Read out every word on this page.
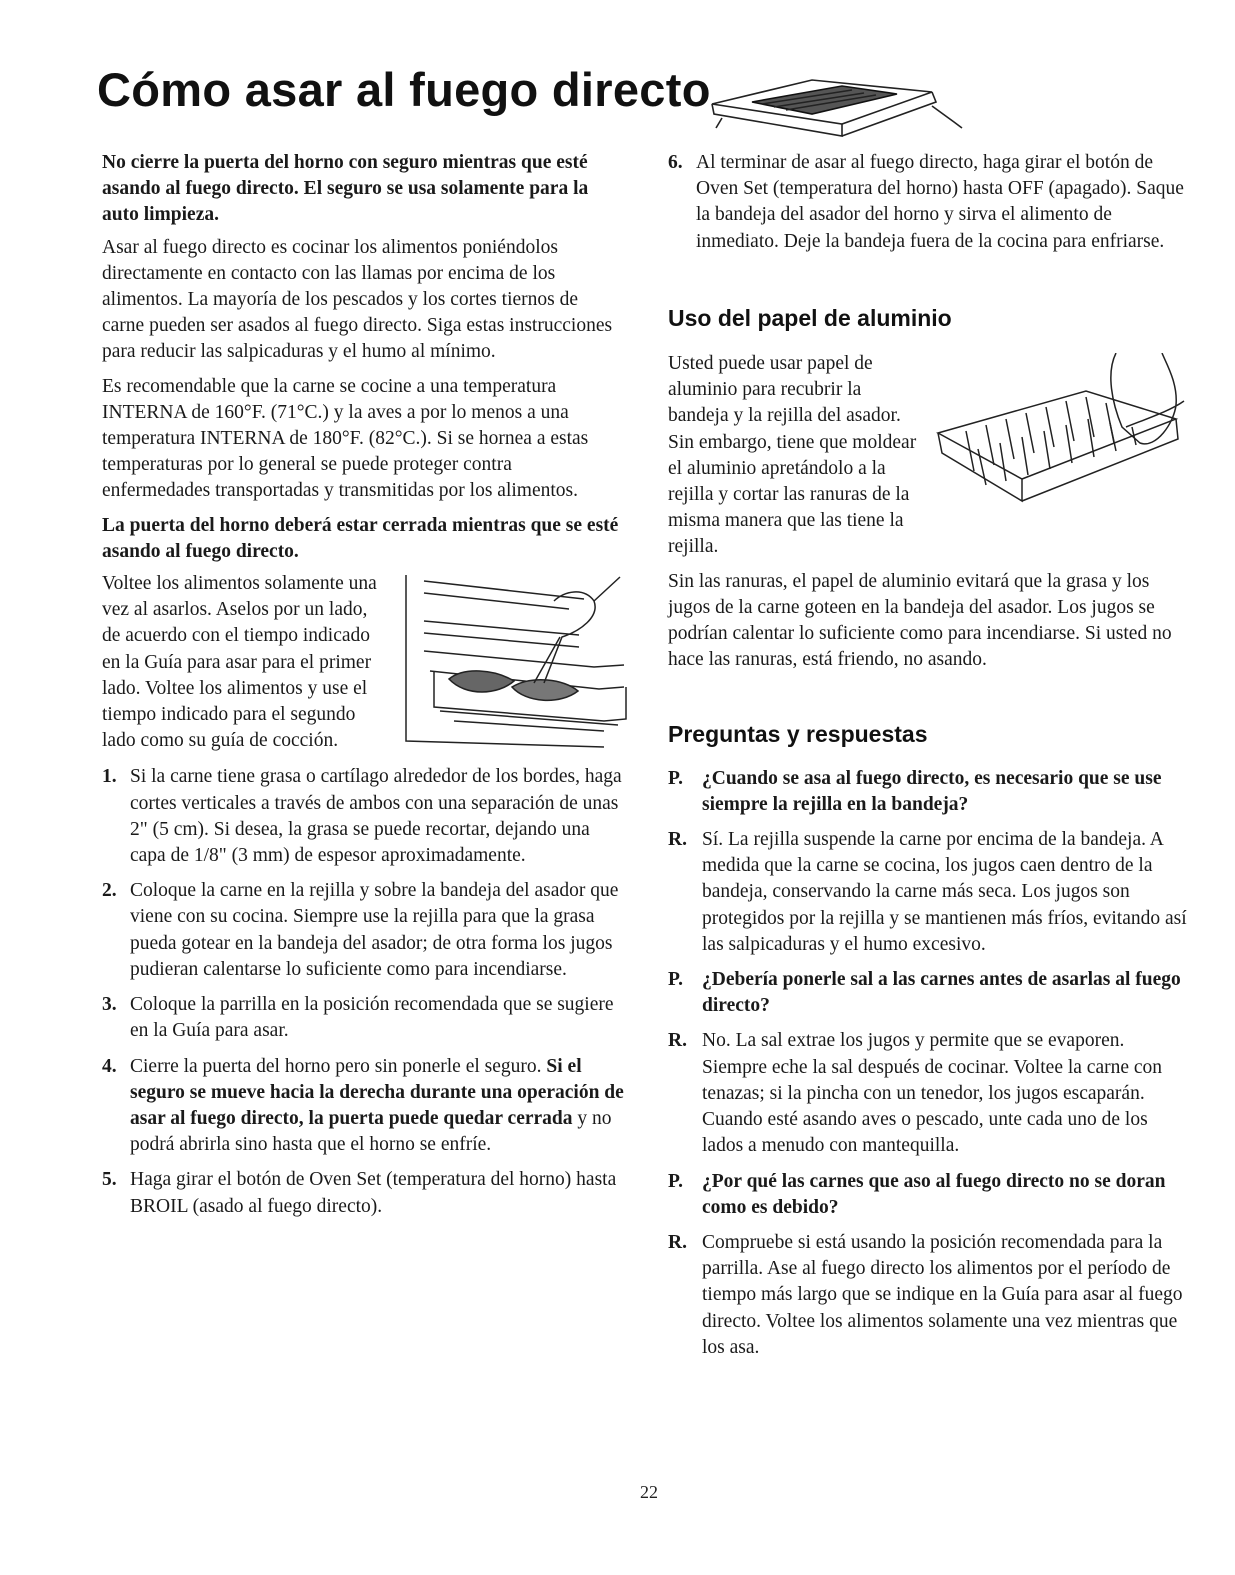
Cómo asar al fuego directo

No cierre la puerta del horno con seguro mientras que esté asando al fuego directo. El seguro se usa solamente para la auto limpieza.

Asar al fuego directo es cocinar los alimentos poniéndolos directamente en contacto con las llamas por encima de los alimentos. La mayoría de los pescados y los cortes tiernos de carne pueden ser asados al fuego directo. Siga estas instrucciones para reducir las salpicaduras y el humo al mínimo.

Es recomendable que la carne se cocine a una temperatura INTERNA de 160°F. (71°C.) y la aves a por lo menos a una temperatura INTERNA de 180°F. (82°C.). Si se hornea a estas temperaturas por lo general se puede proteger contra enfermedades transportadas y transmitidas por los alimentos.

La puerta del horno deberá estar cerrada mientras que se esté asando al fuego directo.

Voltee los alimentos solamente una vez al asarlos. Aselos por un lado, de acuerdo con el tiempo indicado en la Guía para asar para el primer lado. Voltee los alimentos y use el tiempo indicado para el segundo lado como su guía de cocción.

1. Si la carne tiene grasa o cartílago alrededor de los bordes, haga cortes verticales a través de ambos con una separación de unas 2" (5 cm). Si desea, la grasa se puede recortar, dejando una capa de 1/8" (3 mm) de espesor aproximadamente.
2. Coloque la carne en la rejilla y sobre la bandeja del asador que viene con su cocina. Siempre use la rejilla para que la grasa pueda gotear en la bandeja del asador; de otra forma los jugos pudieran calentarse lo suficiente como para incendiarse.
3. Coloque la parrilla en la posición recomendada que se sugiere en la Guía para asar.
4. Cierre la puerta del horno pero sin ponerle el seguro. Si el seguro se mueve hacia la derecha durante una operación de asar al fuego directo, la puerta puede quedar cerrada y no podrá abrirla sino hasta que el horno se enfríe.
5. Haga girar el botón de Oven Set (temperatura del horno) hasta BROIL (asado al fuego directo).
6. Al terminar de asar al fuego directo, haga girar el botón de Oven Set (temperatura del horno) hasta OFF (apagado). Saque la bandeja del asador del horno y sirva el alimento de inmediato. Deje la bandeja fuera de la cocina para enfriarse.
Uso del papel de aluminio

Usted puede usar papel de aluminio para recubrir la bandeja y la rejilla del asador. Sin embargo, tiene que moldear el aluminio apretándolo a la rejilla y cortar las ranuras de la misma manera que las tiene la rejilla.

Sin las ranuras, el papel de aluminio evitará que la grasa y los jugos de la carne goteen en la bandeja del asador. Los jugos se podrían calentar lo suficiente como para incendiarse. Si usted no hace las ranuras, está friendo, no asando.

Preguntas y respuestas
P. ¿Cuando se asa al fuego directo, es necesario que se use siempre la rejilla en la bandeja?
R. Sí. La rejilla suspende la carne por encima de la bandeja. A medida que la carne se cocina, los jugos caen dentro de la bandeja, conservando la carne más seca. Los jugos son protegidos por la rejilla y se mantienen más fríos, evitando así las salpicaduras y el humo excesivo.
P. ¿Debería ponerle sal a las carnes antes de asarlas al fuego directo?
R. No. La sal extrae los jugos y permite que se evaporen. Siempre eche la sal después de cocinar. Voltee la carne con tenazas; si la pincha con un tenedor, los jugos escaparán. Cuando esté asando aves o pescado, unte cada uno de los lados a menudo con mantequilla.
P. ¿Por qué las carnes que aso al fuego directo no se doran como es debido?
R. Compruebe si está usando la posición recomendada para la parrilla. Ase al fuego directo los alimentos por el período de tiempo más largo que se indique en la Guía para asar al fuego directo. Voltee los alimentos solamente una vez mientras que los asa.
22
